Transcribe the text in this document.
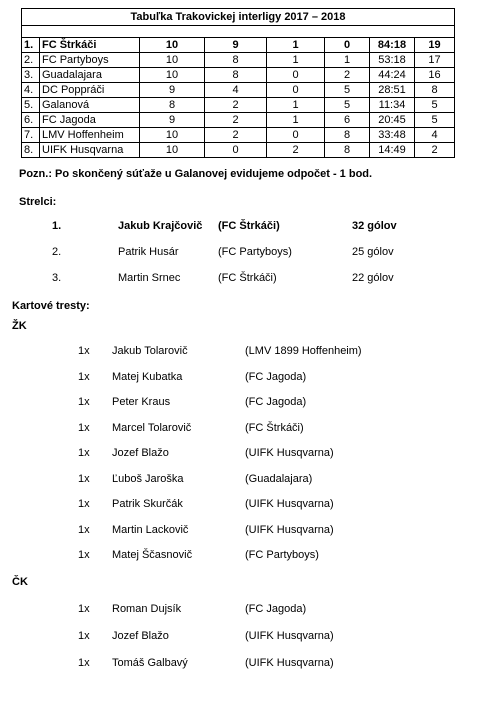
Tabuľka Trakovickej interligy 2017 – 2018							

1.	FC Štrkáči	10	9	1	0	84:18	19
2.	FC Partyboys	10	8	1	1	53:18	17
3.	Guadalajara	10	8	0	2	44:24	16
4.	DC Poppráči	9	4	0	5	28:51	8
5.	Galanová	8	2	1	5	11:34	5
6.	FC Jagoda	9	2	1	6	20:45	5
7.	LMV Hoffenheim	10	2	0	8	33:48	4
8.	UIFK Husqvarna	10	0	2	8	14:49	2
Pozn.: Po skončený súťaže u Galanovej evidujeme odpočet - 1 bod.
Strelci:
1.	Jakub Krajčovič (FC Štrkáči)	32 gólov
2.	Patrik Husár	(FC Partyboys)	25 gólov
3.	Martin Srnec	(FC Štrkáči)	22 gólov
Kartové tresty:
ŽK
1x Jakub Tolarovič	(LMV 1899 Hoffenheim)
1x Matej Kubatka	(FC Jagoda)
1x Peter Kraus	(FC Jagoda)
1x Marcel Tolarovič	(FC Štrkáči)
1x Jozef Blažo	(UIFK Husqvarna)
1x Ľuboš Jaroška	(Guadalajara)
1x Patrik Skurčák	(UIFK Husqvarna)
1x Martin Lackovič	(UIFK Husqvarna)
1x Matej Ščasnovič	(FC Partyboys)
ČK
1x Roman Dujsík	(FC Jagoda)
1x Jozef Blažo	(UIFK Husqvarna)
1x Tomáš Galbavý	(UIFK Husqvarna)
